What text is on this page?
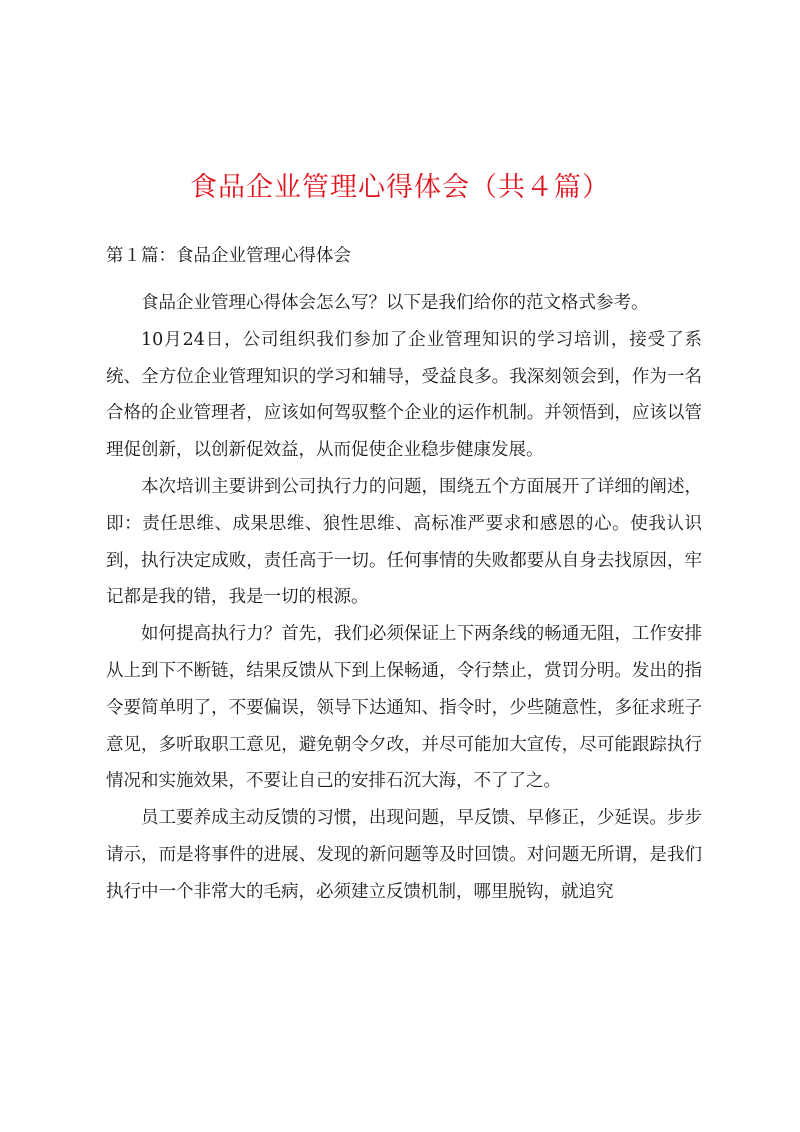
食品企业管理心得体会（共４篇）
第１篇：食品企业管理心得体会

食品企业管理心得体会怎么写？以下是我们给你的范文格式参考。

10月24日，公司组织我们参加了企业管理知识的学习培训，接受了系统、全方位企业管理知识的学习和辅导，受益良多。我深刻领会到，作为一名合格的企业管理者，应该如何驾驭整个企业的运作机制。并领悟到，应该以管理促创新，以创新促效益，从而促使企业稳步健康发展。

本次培训主要讲到公司执行力的问题，围绕五个方面展开了详细的阐述，即：责任思维、成果思维、狼性思维、高标准严要求和感恩的心。使我认识到，执行决定成败，责任高于一切。任何事情的失败都要从自身去找原因，牢记都是我的错，我是一切的根源。

如何提高执行力？首先，我们必须保证上下两条线的畅通无阻，工作安排从上到下不断链，结果反馈从下到上保畅通，令行禁止，赏罚分明。发出的指令要简单明了，不要偏误，领导下达通知、指令时，少些随意性，多征求班子意见，多听取职工意见，避免朝令夕改，并尽可能加大宣传，尽可能跟踪执行情况和实施效果，不要让自己的安排石沉大海，不了了之。

员工要养成主动反馈的习惯，出现问题，早反馈、早修正，少延误。步步请示，而是将事件的进展、发现的新问题等及时回馈。对问题无所谓，是我们执行中一个非常大的毛病，必须建立反馈机制，哪里脱钩，就追究
